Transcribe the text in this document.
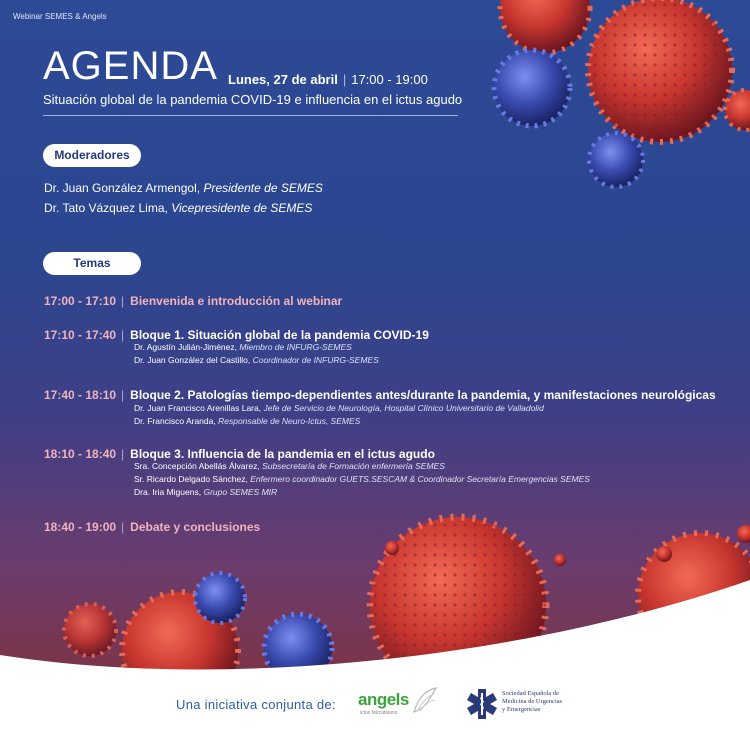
Webinar SEMES & Angels
AGENDA Lunes, 27 de abril | 17:00 - 19:00
Situación global de la pandemia COVID-19 e influencia en el ictus agudo
Moderadores
Dr. Juan González Armengol, Presidente de SEMES
Dr. Tato Vázquez Lima, Vicepresidente de SEMES
Temas
17:00 - 17:10 | Bienvenida e introducción al webinar
17:10 - 17:40 | Bloque 1. Situación global de la pandemia COVID-19
Dr. Agustín Julián-Jiménez, Miembro de INFURG-SEMES
Dr. Juan González del Castillo, Coordinador de INFURG-SEMES
17:40 - 18:10 | Bloque 2. Patologías tiempo-dependientes antes/durante la pandemia, y manifestaciones neurológicas
Dr. Juan Francisco Arenillas Lara, Jefe de Servicio de Neurología, Hospital Clínico Universitario de Valladolid
Dr. Francisco Aranda, Responsable de Neuro-Ictus, SEMES
18:10 - 18:40 | Bloque 3. Influencia de la pandemia en el ictus agudo
Sra. Concepción Abellás Álvarez, Subsecretaría de Formación enfermería SEMES
Sr. Ricardo Delgado Sánchez, Enfermero coordinador GUETS.SESCAM & Coordinador Secretaría Emergencias SEMES
Dra. Iria Miguens, Grupo SEMES MIR
18:40 - 19:00 | Debate y conclusiones
Una iniciativa conjunta de: angels
ictus faircatalano
Sociedad Española de
Medicina de Urgencias
y Emergencias
